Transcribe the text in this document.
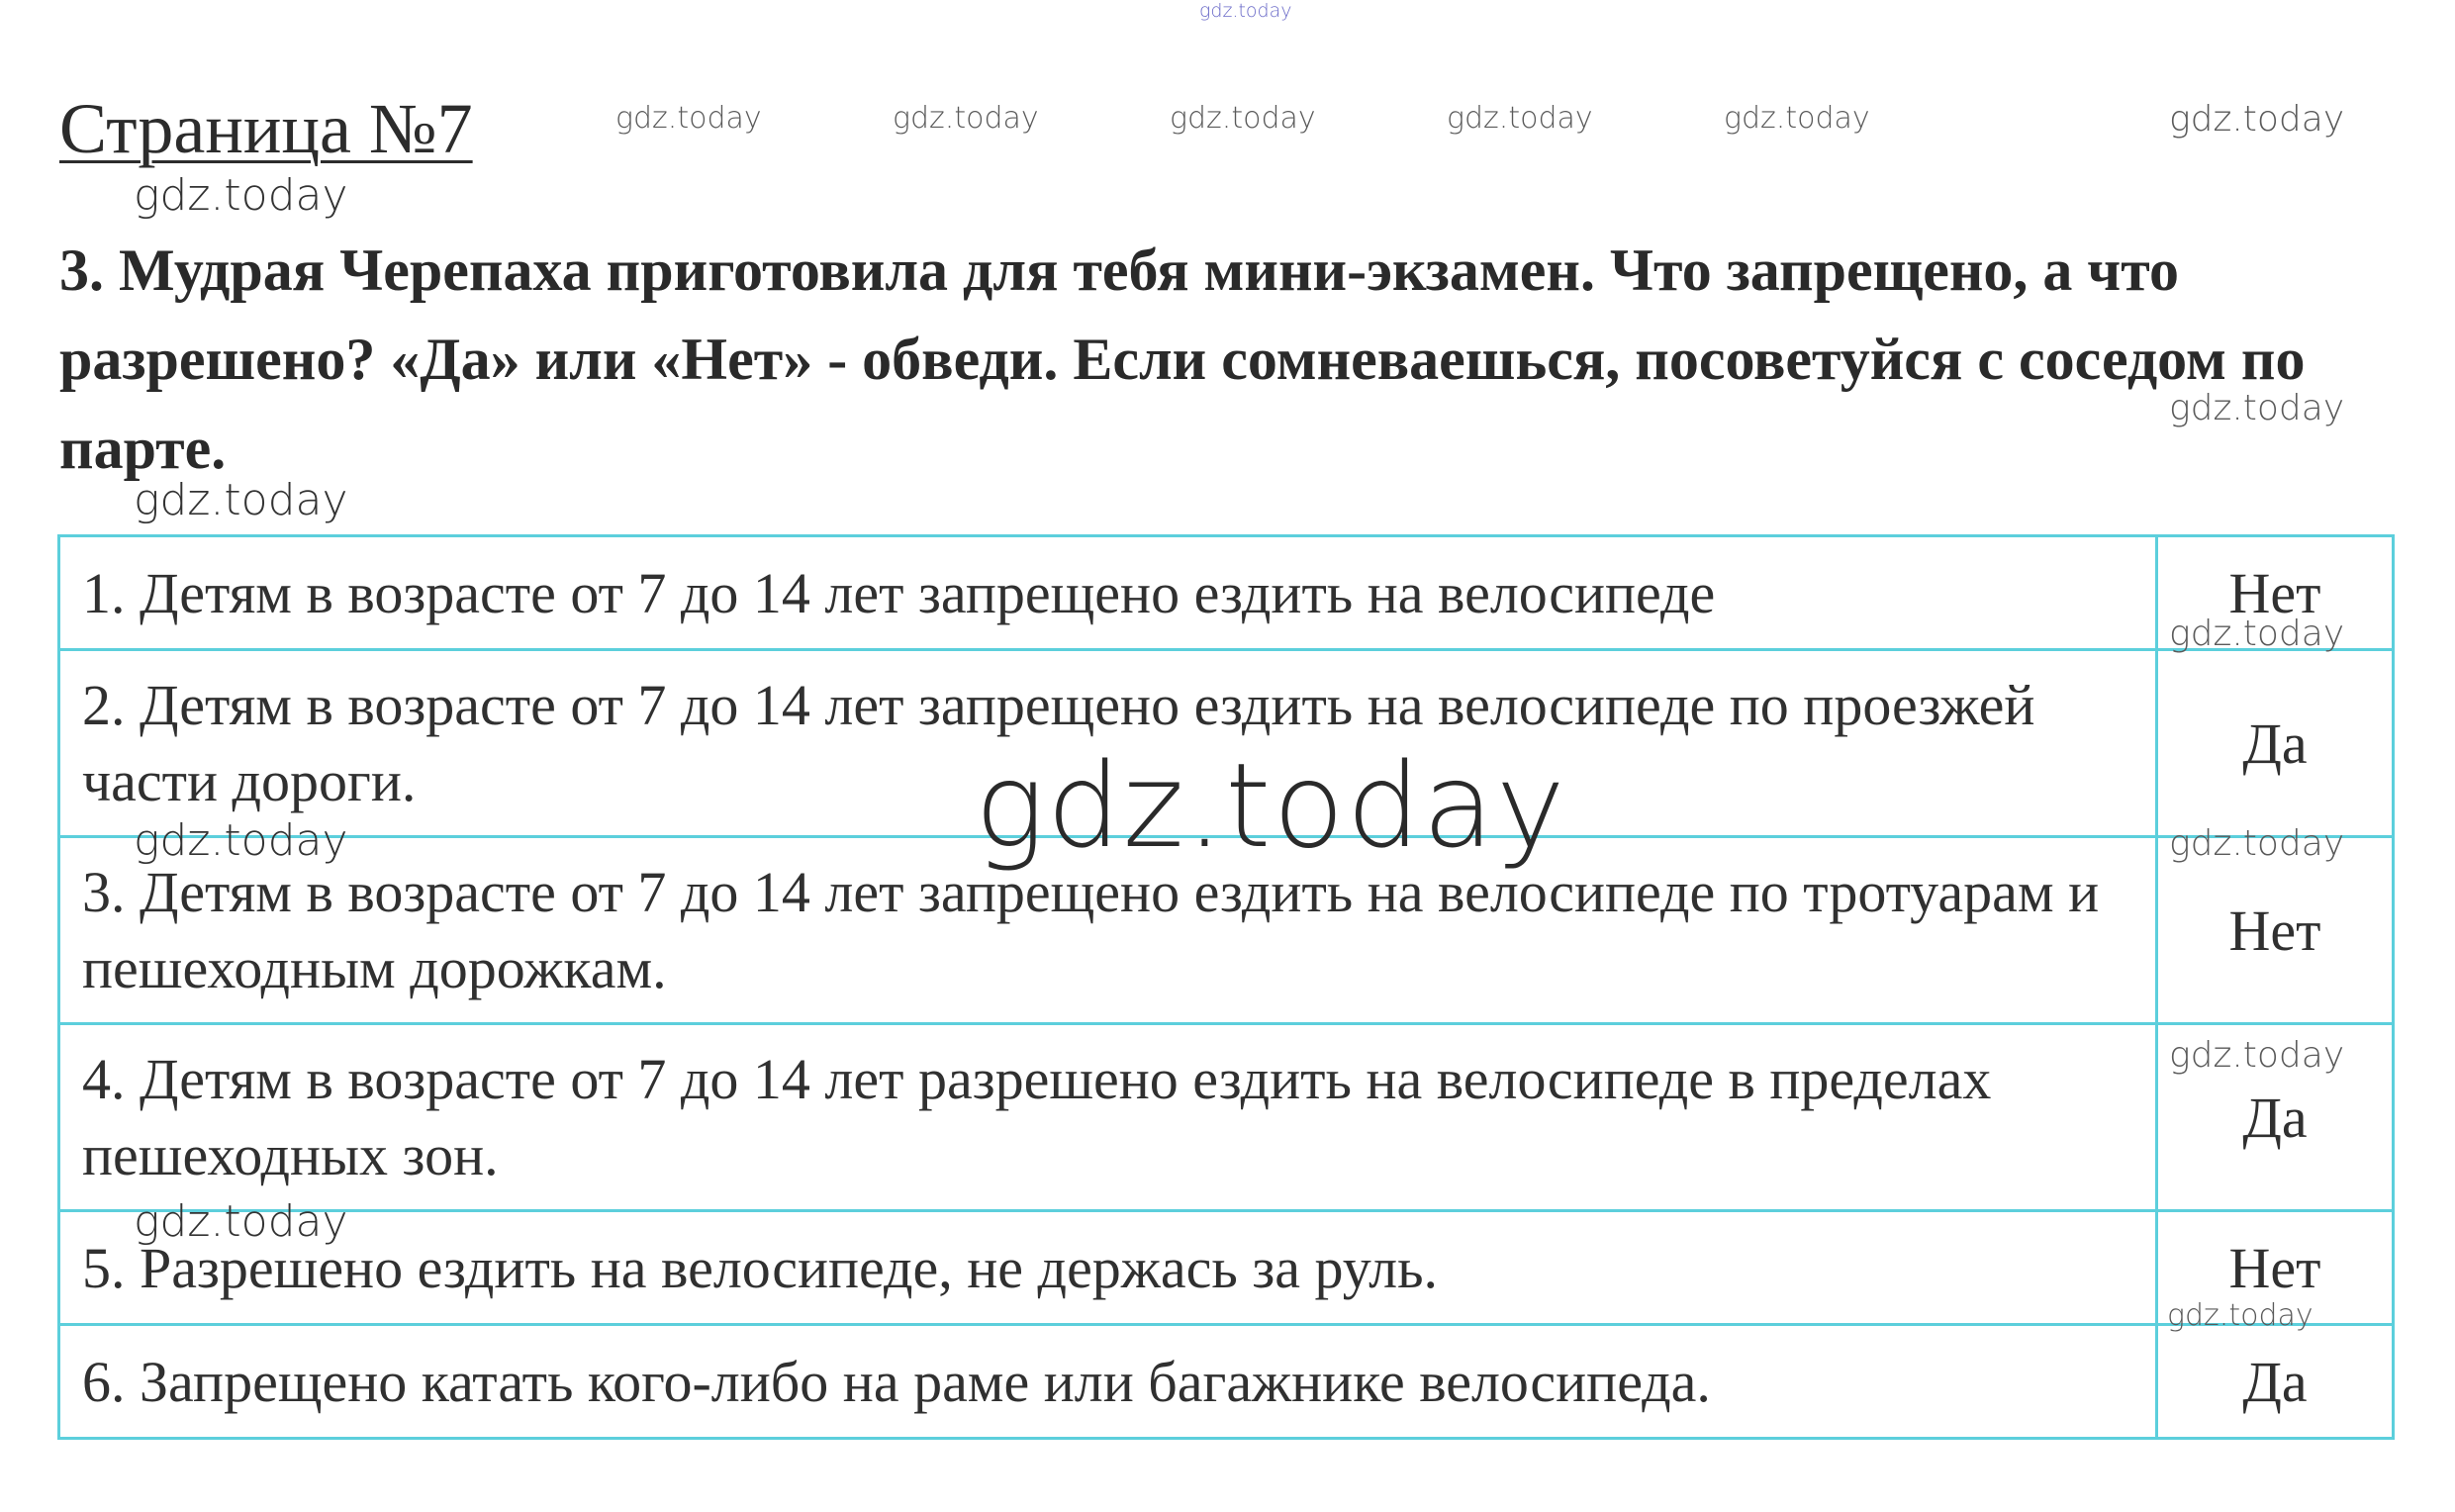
Страница №7
3. Мудрая Черепаха приготовила для тебя мини-экзамен. Что запрещено, а что разрешено? «Да» или «Нет» - обведи. Если сомневаешься, посоветуйся с соседом по парте.
1. Детям в возрасте от 7 до 14 лет запрещено ездить на велосипеде	Нет
2. Детям в возрасте от 7 до 14 лет запрещено ездить на велосипеде по проезжей части дороги.	Да
3. Детям в возрасте от 7 до 14 лет запрещено ездить на велосипеде по тротуарам и пешеходным дорожкам.	Нет
4. Детям в возрасте от 7 до 14 лет разрешено ездить на велосипеде в пределах пешеходных зон.	Да
5. Разрешено ездить на велосипеде, не держась за руль.	Нет
6. Запрещено катать кого-либо на раме или багажнике велосипеда.	Да
gdz.today
gdz.today	gdz.today	gdz.today	gdz.today	gdz.today	gdz.today
gdz.today
gdz.today
gdz.today
gdz.today
gdz.today
gdz.today	gdz.today
gdz.today
gdz.today
gdz.today
